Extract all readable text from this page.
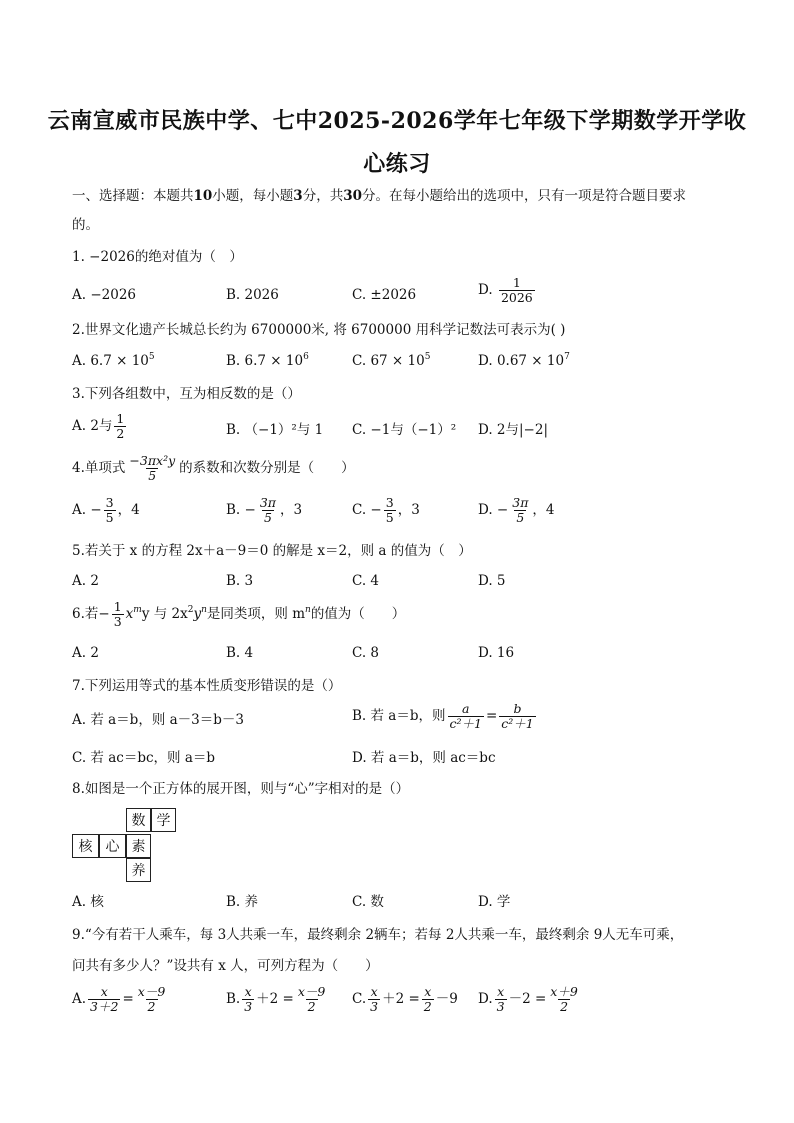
云南宣威市民族中学、七中2025-2026学年七年级下学期数学开学收
心练习
一、选择题：本题共10小题，每小题3分，共30分。在每小题给出的选项中，只有一项是符合题目要求
的。
1. −2026的绝对值为（　）
A. −2026	B. 2026	C. ±2026	D. $\frac{1}{2026}$
2.世界文化遗产长城总长约为 6700000米, 将 6700000 用科学记数法可表示为( )
A. $6.7 \times 10^5$	B. $6.7 \times 10^6$	C. $67 \times 10^5$	D. $0.67 \times 10^7$
3.下列各组数中，互为相反数的是（）
A. 2与 $\frac{1}{2}$	B. （−1）²与 1 C. −1与（−1）² D. 2与|−2|
4.单项式 $\frac{\text{−3πx²y}}{5}$ 的系数和次数分别是（　　）
A. − $\frac{3}{5}$ ，4	B. − $\frac{3\pi}{5}$ ，3	C. − $\frac{3}{5}$ ，3	D. − $\frac{3\pi}{5}$ ，4
5.若关于 x 的方程 2x＋a－9＝0 的解是 x＝2，则 a 的值为（　）
A. 2	B. 3	C. 4	D. 5
6.若− $\frac{1}{3} x^my$ 与 $2x^2y^n$是同类项，则 $m^n$的值为（　　）
A. 2	B. 4	C. 8	D. 16
7.下列运用等式的基本性质变形错误的是（）
A. 若 a＝b，则 a－3＝b－3	B. 若 a＝b，则 $\frac{a}{\text{c²＋1}} = \frac{b}{\text{c²＋1}}$
C. 若 ac＝bc，则 a＝b	D. 若 a＝b，则 ac＝bc
8.如图是一个正方体的展开图，则与“心”字相对的是（）
数 学
核 心 素
养
A. 核	B. 养	C. 数	D. 学
9.“今有若干人乘车，每 3人共乘一车，最终剩余 2辆车；若每 2人共乘一车，最终剩余 9人无车可乘，
问共有多少人？”设共有 x 人，可列方程为（　　）
A. $\frac{x}{3+2} = \frac{x-9}{2}$	B. $\frac{x}{3} +2 = \frac{x-9}{2} C$. $\frac{x}{3} +2 = \frac{x}{2} -9$ D. $\frac{x}{3} -2 = \frac{x+9}{2}$
